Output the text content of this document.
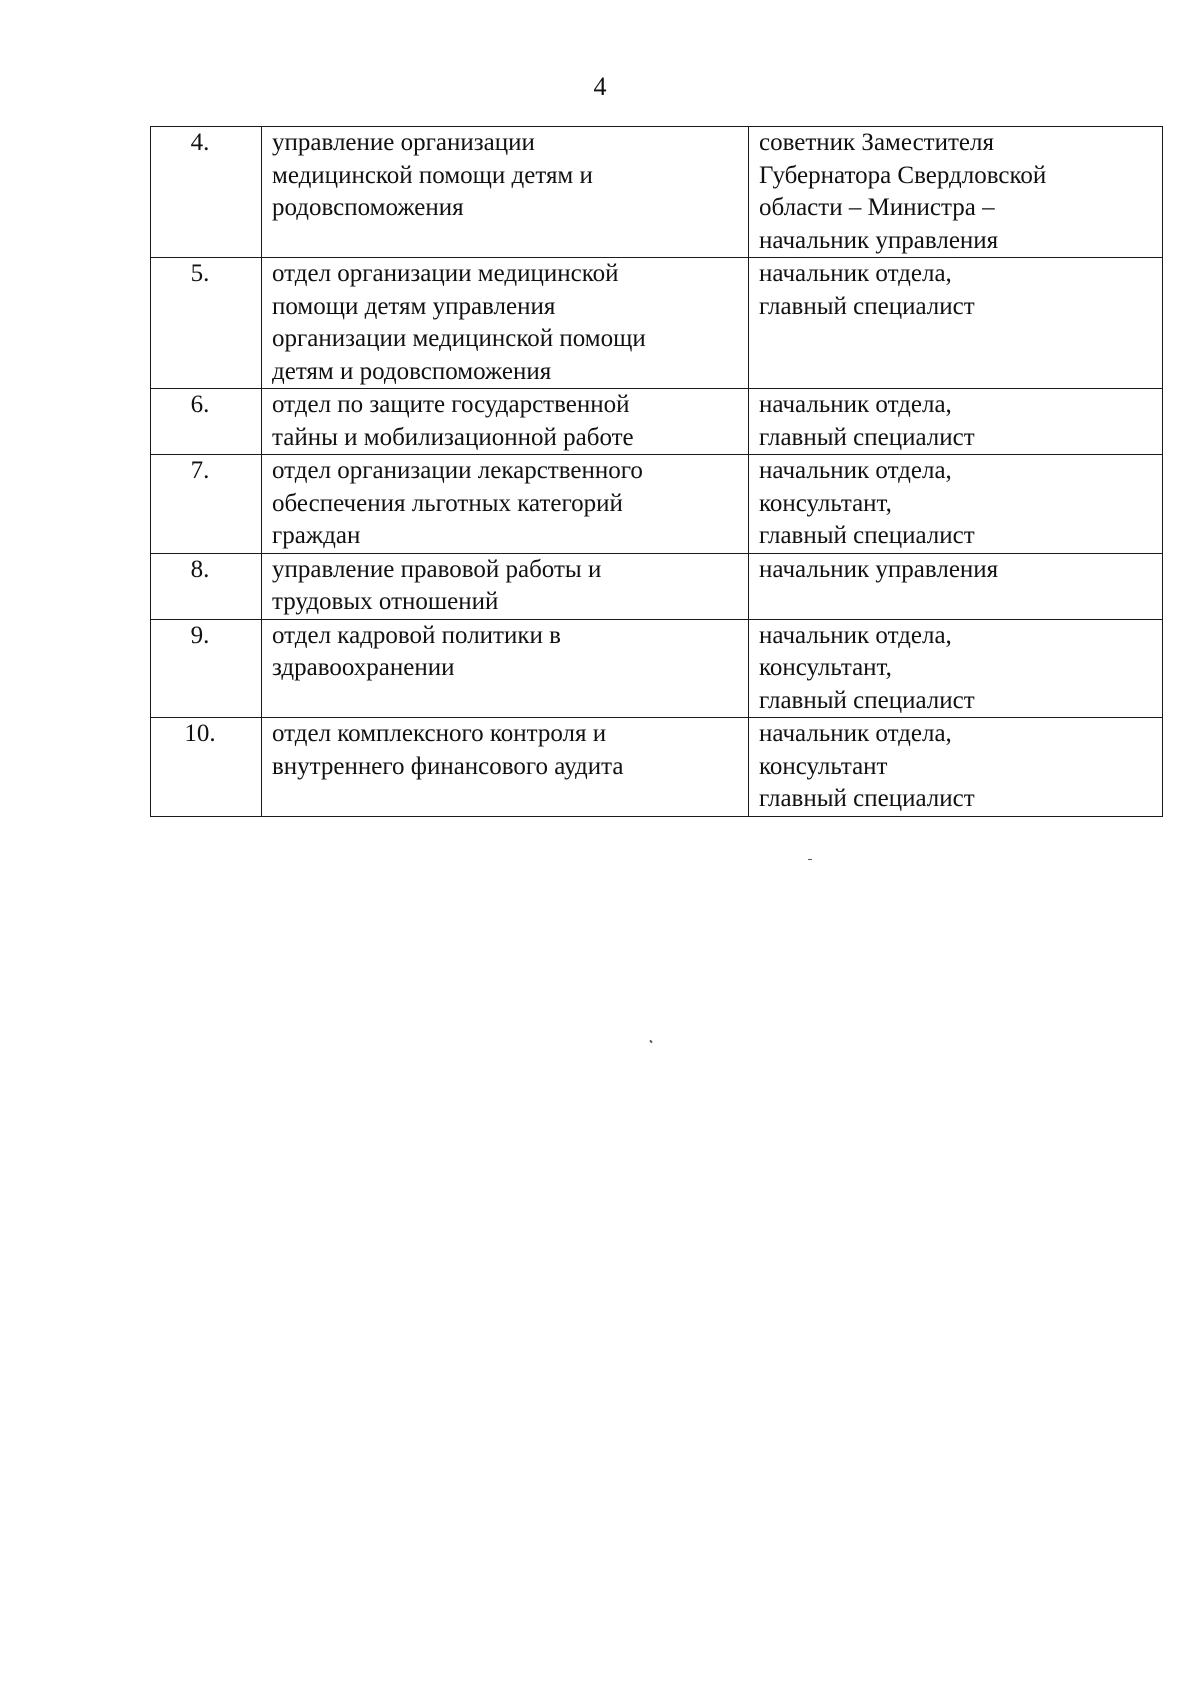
4
4.	управление организации
медицинской помощи детям и
родовспоможения	советник Заместителя
Губернатора Свердловской
области – Министра –
начальник управления
5.	отдел организации медицинской
помощи детям управления
организации медицинской помощи
детям и родовспоможения	начальник отдела,
главный специалист
6.	отдел по защите государственной
тайны и мобилизационной работе	начальник отдела,
главный специалист
7.	отдел организации лекарственного
обеспечения льготных категорий
граждан	начальник отдела,
консультант,
главный специалист
8.	управление правовой работы и
трудовых отношений	начальник управления
9.	отдел кадровой политики в
здравоохранении	начальник отдела,
консультант,
главный специалист
10.	отдел комплексного контроля и
внутреннего финансового аудита	начальник отдела,
консультант
главный специалист
